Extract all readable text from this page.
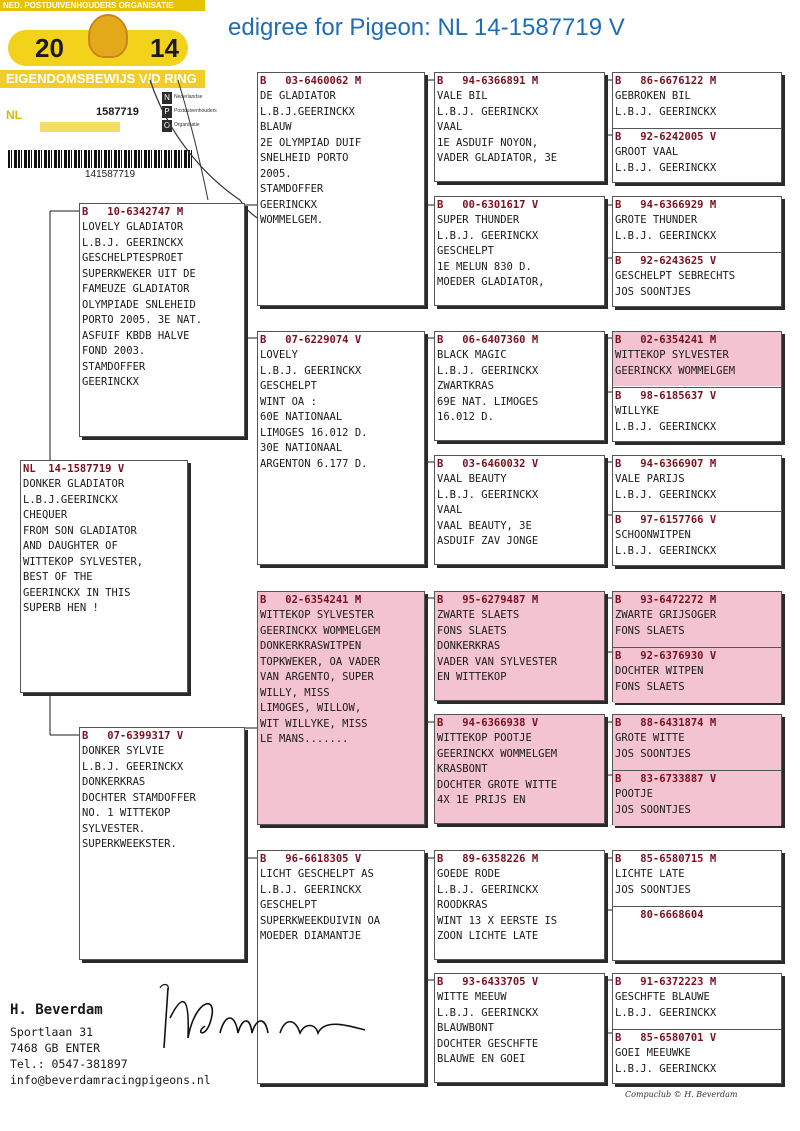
edigree for Pigeon: NL 14-1587719 V
NED. POSTDUIVENHOUDERS ORGANISATIE
20	14
EIGENDOMSBEWIJS V/D RING
NL	1587719
N
P
O
Nederlandse
Postduivenhouders
Organisatie
141587719
NL  14-1587719 V
DONKER GLADIATOR
L.B.J.GEERINCKX
CHEQUER
FROM SON GLADIATOR
AND DAUGHTER OF
WITTEKOP SYLVESTER,
BEST OF THE
GEERINCKX IN THIS
SUPERB HEN !
B   10-6342747 M
LOVELY GLADIATOR
L.B.J. GEERINCKX
GESCHELPTESPROET
SUPERKWEKER UIT DE
FAMEUZE GLADIATOR
OLYMPIADE SNLEHEID
PORTO 2005. 3E NAT.
ASFUIF KBDB HALVE
FOND 2003.
STAMDOFFER
GEERINCKX
B   07-6399317 V
DONKER SYLVIE
L.B.J. GEERINCKX
DONKERKRAS
DOCHTER STAMDOFFER
NO. 1 WITTEKOP
SYLVESTER.
SUPERKWEEKSTER.
B   03-6460062 M
DE GLADIATOR
L.B.J.GEERINCKX
BLAUW
2E OLYMPIAD DUIF
SNELHEID PORTO
2005.
STAMDOFFER
GEERINCKX
WOMMELGEM.
B   07-6229074 V
LOVELY
L.B.J. GEERINCKX
GESCHELPT
WINT OA :
60E NATIONAAL
LIMOGES 16.012 D.
30E NATIONAAL
ARGENTON 6.177 D.
B   02-6354241 M
WITTEKOP SYLVESTER
GEERINCKX WOMMELGEM
DONKERKRASWITPEN
TOPKWEKER, OA VADER
VAN ARGENTO, SUPER
WILLY, MISS
LIMOGES, WILLOW,
WIT WILLYKE, MISS
LE MANS.......
B   96-6618305 V
LICHT GESCHELPT AS
L.B.J. GEERINCKX
GESCHELPT
SUPERKWEEKDUIVIN OA
MOEDER DIAMANTJE
B   94-6366891 M
VALE BIL
L.B.J. GEERINCKX
VAAL
1E ASDUIF NOYON,
VADER GLADIATOR, 3E
B   00-6301617 V
SUPER THUNDER
L.B.J. GEERINCKX
GESCHELPT
1E MELUN 830 D.
MOEDER GLADIATOR,
B   06-6407360 M
BLACK MAGIC
L.B.J. GEERINCKX
ZWARTKRAS
69E NAT. LIMOGES
16.012 D.
B   03-6460032 V
VAAL BEAUTY
L.B.J. GEERINCKX
VAAL
VAAL BEAUTY, 3E
ASDUIF ZAV JONGE
B   95-6279487 M
ZWARTE SLAETS
FONS SLAETS
DONKERKRAS
VADER VAN SYLVESTER
EN WITTEKOP
B   94-6366938 V
WITTEKOP POOTJE
GEERINCKX WOMMELGEM
KRASBONT
DOCHTER GROTE WITTE
4X 1E PRIJS EN
B   89-6358226 M
GOEDE RODE
L.B.J. GEERINCKX
ROODKRAS
WINT 13 X EERSTE IS
ZOON LICHTE LATE
B   93-6433705 V
WITTE MEEUW
L.B.J. GEERINCKX
BLAUWBONT
DOCHTER GESCHFTE
BLAUWE EN GOEI
B   86-6676122 M
GEBROKEN BIL
L.B.J. GEERINCKX
B   92-6242005 V
GROOT VAAL
L.B.J. GEERINCKX
B   94-6366929 M
GROTE THUNDER
L.B.J. GEERINCKX
B   92-6243625 V
GESCHELPT SEBRECHTS
JOS SOONTJES
B   02-6354241 M
WITTEKOP SYLVESTER
GEERINCKX WOMMELGEM
B   98-6185637 V
WILLYKE
L.B.J. GEERINCKX
B   94-6366907 M
VALE PARIJS
L.B.J. GEERINCKX
B   97-6157766 V
SCHOONWITPEN
L.B.J. GEERINCKX
B   93-6472272 M
ZWARTE GRIJSOGER
FONS SLAETS
B   92-6376930 V
DOCHTER WITPEN
FONS SLAETS
B   88-6431874 M
GROTE WITTE
JOS SOONTJES
B   83-6733887 V
POOTJE
JOS SOONTJES
B   85-6580715 M
LICHTE LATE
JOS SOONTJES
80-6668604
B   91-6372223 M
GESCHFTE BLAUWE
L.B.J. GEERINCKX
B   85-6580701 V
GOEI MEEUWKE
L.B.J. GEERINCKX
H. Beverdam
Sportlaan 31
7468 GB ENTER
Tel.: 0547-381897
info@beverdamracingpigeons.nl
Compuclub © H. Beverdam
